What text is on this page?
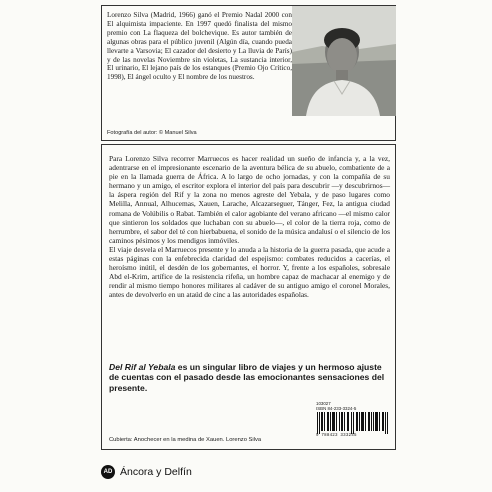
Lorenzo Silva (Madrid, 1966) ganó el Premio Nadal 2000 con El alquimista impaciente. En 1997 quedó finalista del mismo premio con La flaqueza del bolchevique. Es autor también de algunas obras para el público juvenil (Algún día, cuando pueda llevarte a Varsovia; El cazador del desierto y La lluvia de París) y de las novelas Noviembre sin violetas, La sustancia interior, El urinario, El lejano país de los estanques (Premio Ojo Crítico, 1998), El ángel oculto y El nombre de los nuestros.

Fotografía del autor: © Manuel Silva

Para Lorenzo Silva recorrer Marruecos es hacer realidad un sueño de infancia y, a la vez, adentrarse en el impresionante escenario de la aventura bélica de su abuelo, combatiente de a pie en la llamada guerra de África. A lo largo de ocho jornadas, y con la compañía de su hermano y un amigo, el escritor explora el interior del país para descubrir —y descubrirnos— la áspera región del Rif y la zona no menos agreste del Yebala, y de paso lugares como Melilla, Annual, Alhucemas, Xauen, Larache, Alcazarseguer, Tánger, Fez, la antigua ciudad romana de Volúbilis o Rabat. También el calor agobiante del verano africano —el mismo calor que sintieron los soldados que luchaban con su abuelo—, el color de la tierra roja, como de herrumbre, el sabor del té con hierbabuena, el sonido de la música andalusí o el silencio de los caminos pésimos y los mendigos inmóviles.

El viaje desvela el Marruecos presente y lo anuda a la historia de la guerra pasada, que acude a estas páginas con la enfebrecida claridad del espejismo: combates reducidos a cacerías, el heroísmo inútil, el desdén de los gobernantes, el horror. Y, frente a los españoles, sobresale Abd el-Krim, artífice de la resistencia rifeña, un hombre capaz de machacar al enemigo y de rendir al mismo tiempo honores militares al cadáver de su antiguo amigo el coronel Morales, antes de devolverlo en un ataúd de cinc a las autoridades españolas.

Del Rif al Yebala es un singular libro de viajes y un hermoso ajuste de cuentas con el pasado desde las emocionantes sensaciones del presente.

103027

ISBN 84-233-3324-5

9 788423 333245

Cubierta: Anochecer en la medina de Xauen. Lorenzo Silva

AD Áncora y Delfín
